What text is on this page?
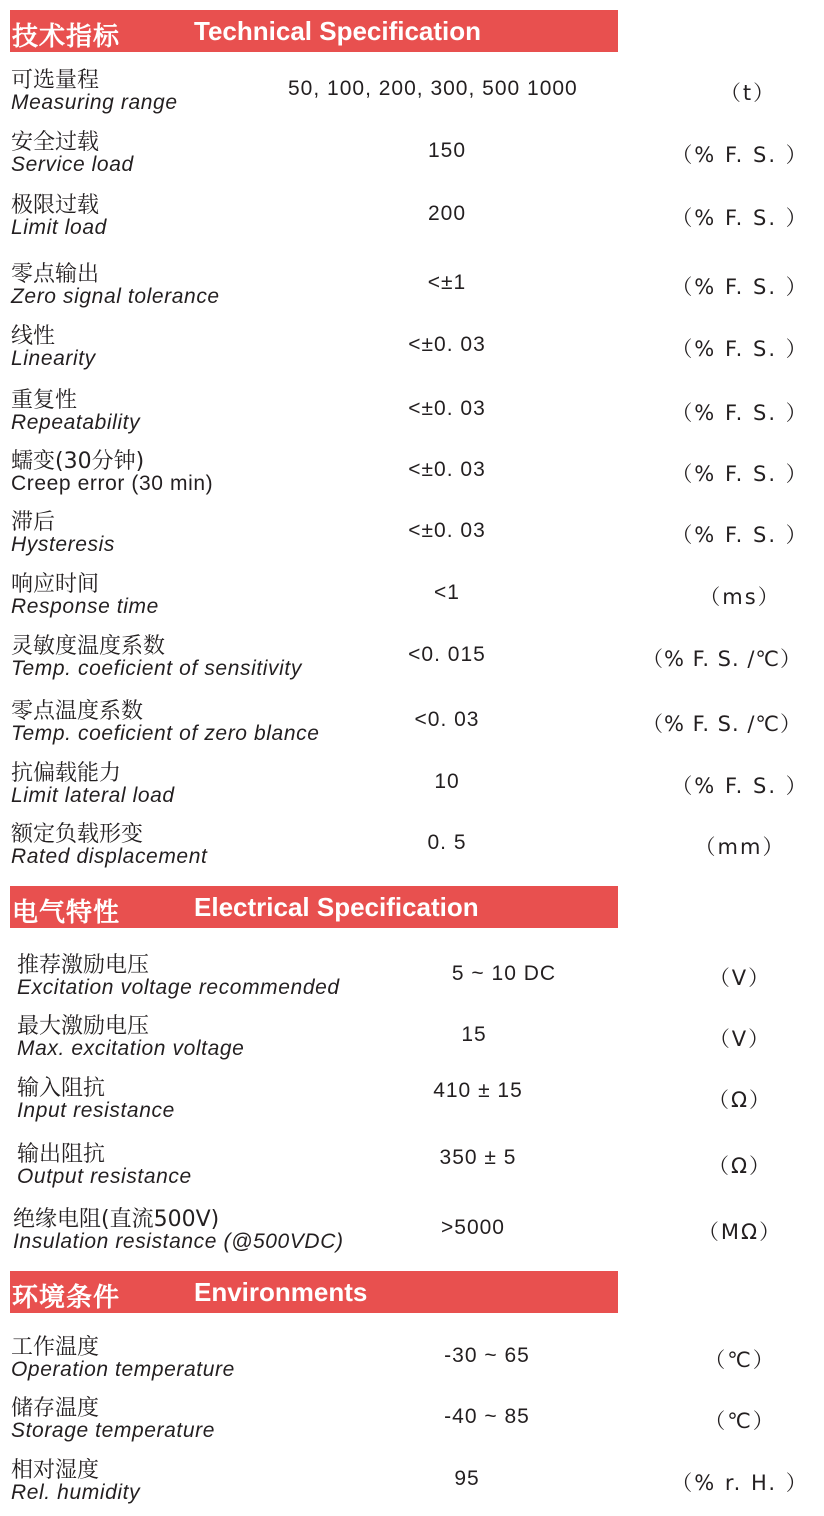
技术指标	Technical Specification
可选量程
Measuring range
50, 100, 200, 300, 500 1000	（t）
安全过载
Service load
150	（% F. S. ）
极限过载
Limit load
200	（% F. S. ）
零点输出
Zero signal tolerance
<±1	（% F. S. ）
线性
Linearity
<±0. 03	（% F. S. ）
重复性
Repeatability
<±0. 03	（% F. S. ）
蠕变(30分钟)
Creep error (30 min)
<±0. 03	（% F. S. ）
滞后
Hysteresis
<±0. 03	（% F. S. ）
响应时间
Response time
<1	（ms）
灵敏度温度系数
Temp. coeficient of sensitivity
<0. 015	（% F. S. /℃）
零点温度系数
Temp. coeficient of zero blance
<0. 03	（% F. S. /℃）
抗偏载能力
Limit lateral load
10	（% F. S. ）
额定负载形变
Rated displacement
0. 5	（mm）
电气特性	Electrical Specification
推荐激励电压
Excitation voltage recommended
5 ~ 10 DC	（V）
最大激励电压
Max. excitation voltage
15	（V）
输入阻抗
Input resistance
410 ± 15	（Ω）
输出阻抗
Output resistance
350 ± 5	（Ω）
绝缘电阻(直流500V)
Insulation resistance (@500VDC)
>5000	（MΩ）
环境条件	Environments
工作温度
Operation temperature
-30 ~ 65	（℃）
储存温度
Storage temperature
-40 ~ 85	（℃）
相对湿度
Rel. humidity
95	（% r. H. ）
